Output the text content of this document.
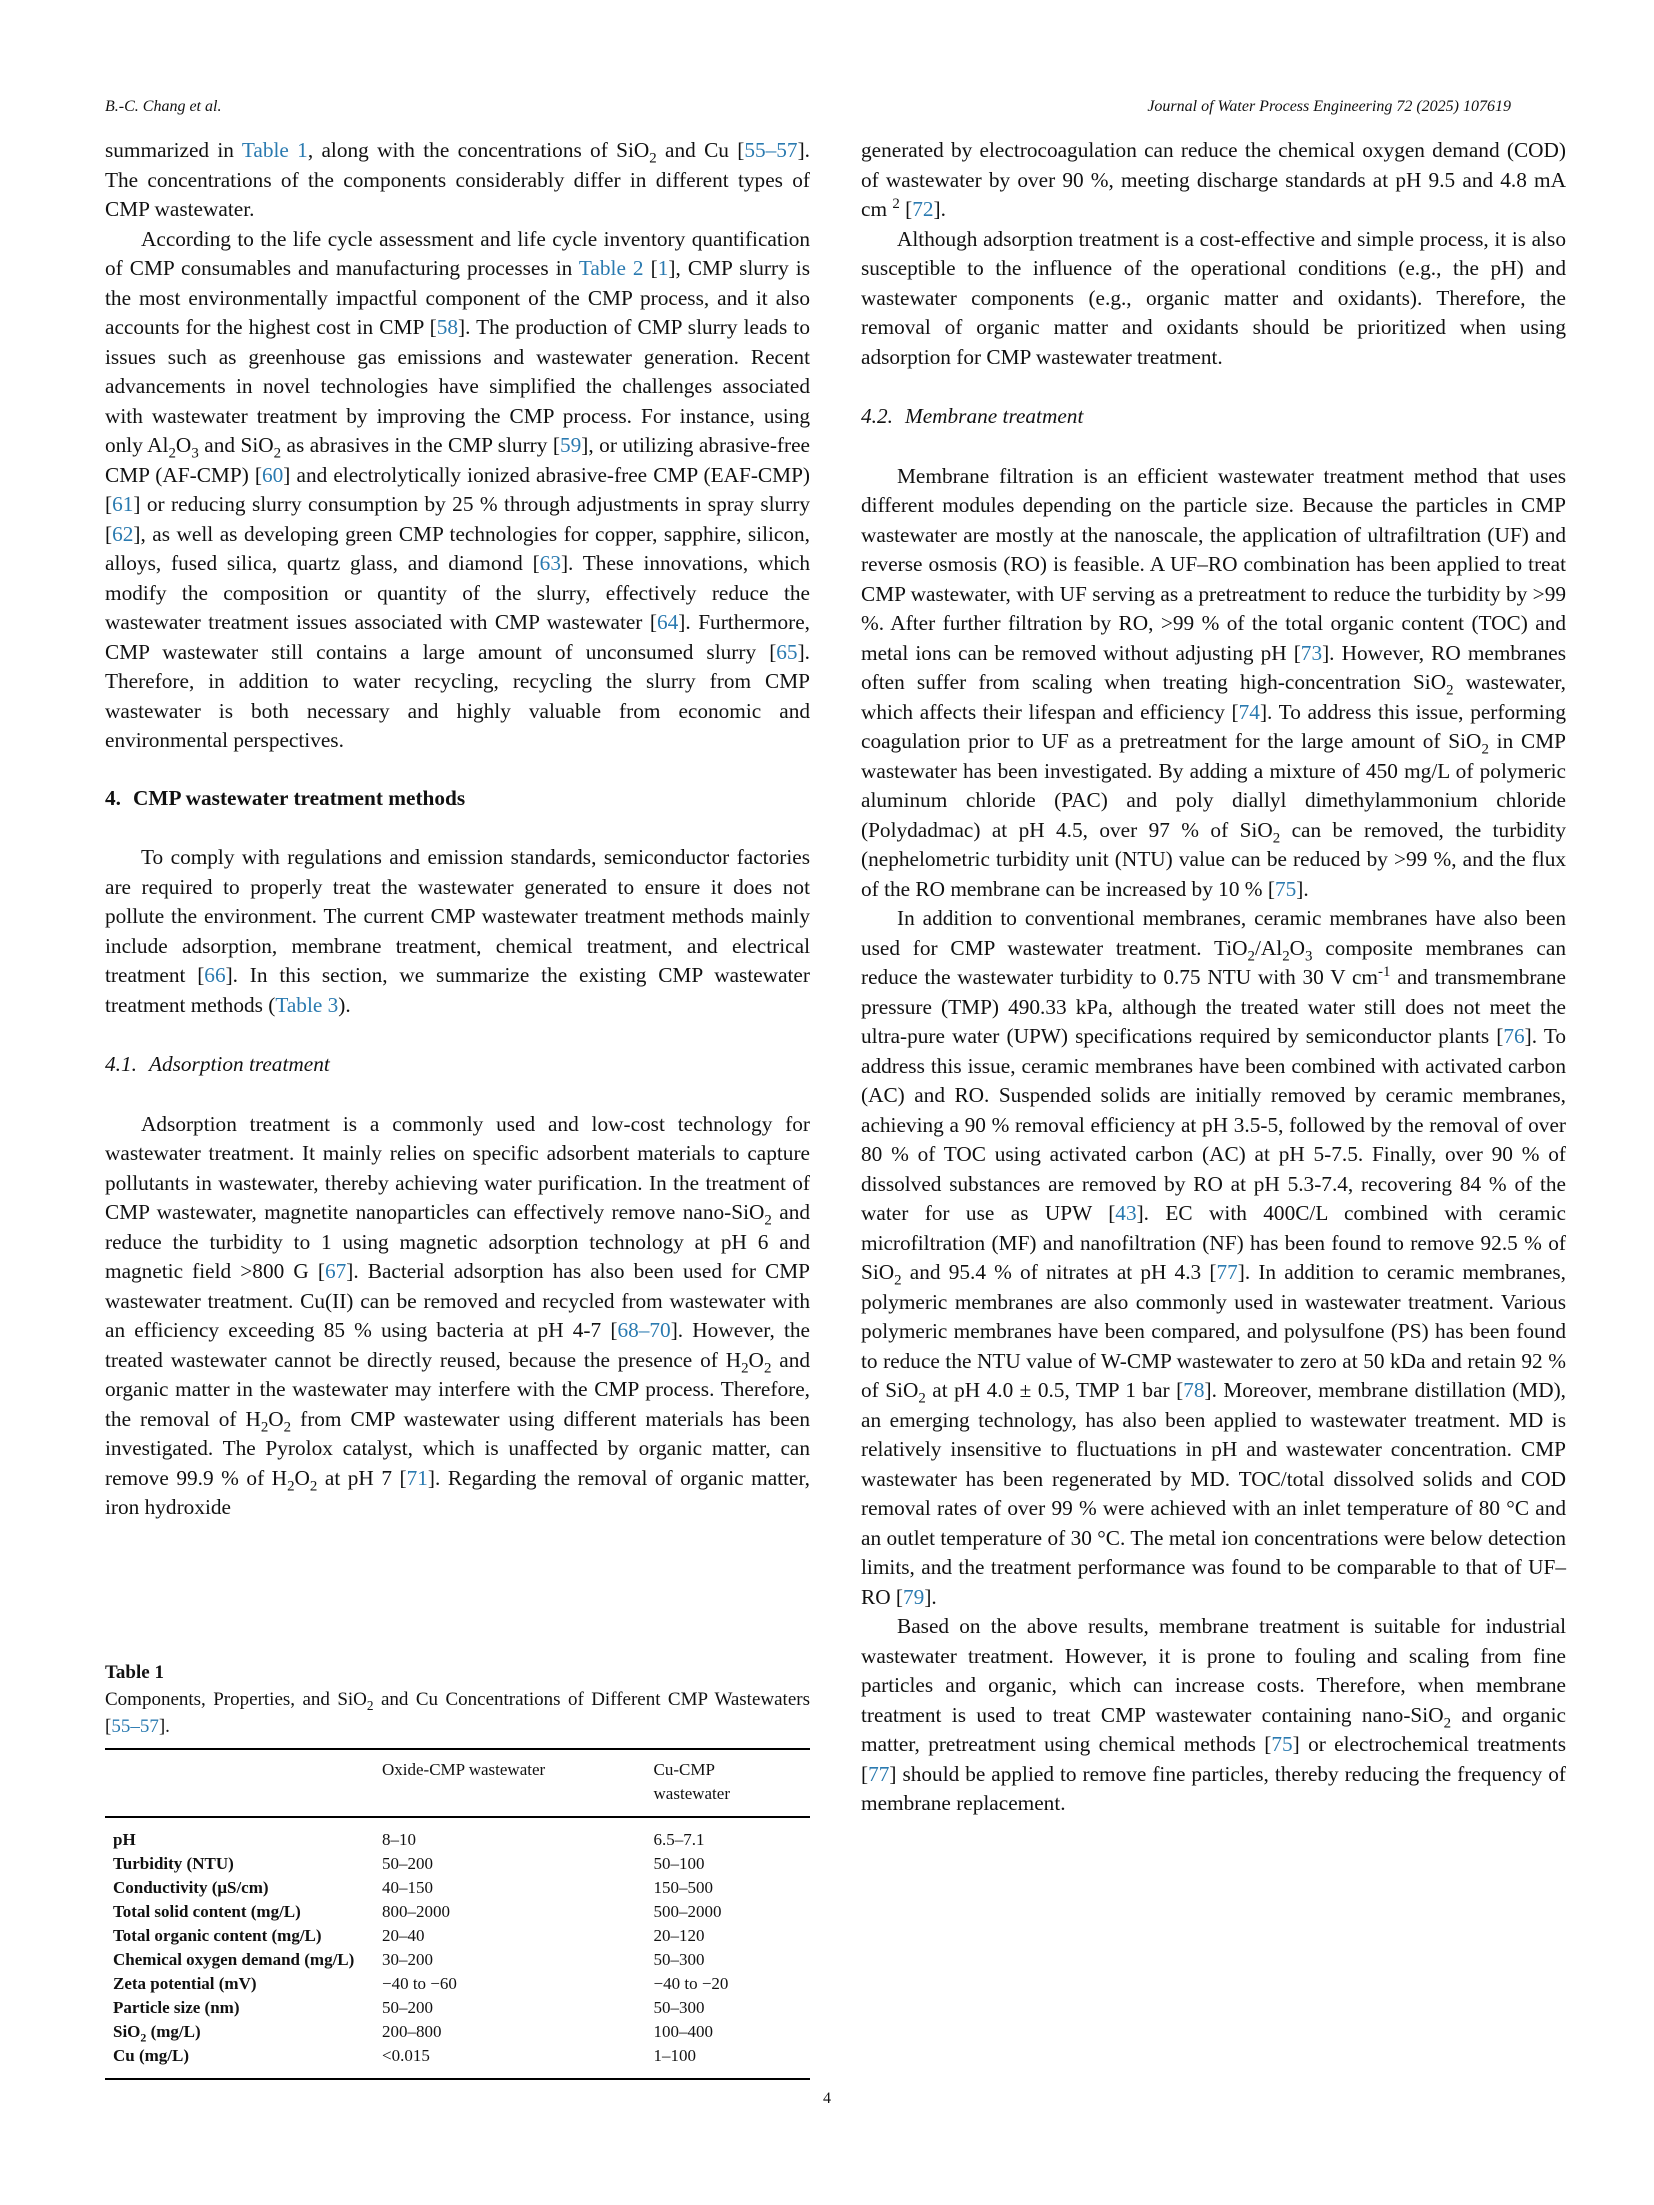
B.-C. Chang et al.	Journal of Water Process Engineering 72 (2025) 107619

summarized in Table 1, along with the concentrations of SiO$_2$ and Cu [55–57]. The concentrations of the components considerably differ in different types of CMP wastewater.

According to the life cycle assessment and life cycle inventory quantification of CMP consumables and manufacturing processes in Table 2 [1], CMP slurry is the most environmentally impactful component of the CMP process, and it also accounts for the highest cost in CMP [58]. The production of CMP slurry leads to issues such as greenhouse gas emissions and wastewater generation. Recent advancements in novel technologies have simplified the challenges associated with wastewater treatment by improving the CMP process. For instance, using only $Al_2O_3$ and SiO$_2$ as abrasives in the CMP slurry [59], or utilizing abrasive-free CMP (AF-CMP) [60] and electrolytically ionized abrasive-free CMP (EAF-CMP) [61] or reducing slurry consumption by 25 % through adjustments in spray slurry [62], as well as developing green CMP technologies for copper, sapphire, silicon, alloys, fused silica, quartz glass, and diamond [63]. These innovations, which modify the composition or quantity of the slurry, effectively reduce the wastewater treatment issues associated with CMP wastewater [64]. Furthermore, CMP wastewater still contains a large amount of unconsumed slurry [65]. Therefore, in addition to water recycling, recycling the slurry from CMP wastewater is both necessary and highly valuable from economic and environmental perspectives.

4. CMP wastewater treatment methods

To comply with regulations and emission standards, semiconductor factories are required to properly treat the wastewater generated to ensure it does not pollute the environment. The current CMP wastewater treatment methods mainly include adsorption, membrane treatment, chemical treatment, and electrical treatment [66]. In this section, we summarize the existing CMP wastewater treatment methods (Table 3).

4.1. Adsorption treatment

Adsorption treatment is a commonly used and low-cost technology for wastewater treatment. It mainly relies on specific adsorbent materials to capture pollutants in wastewater, thereby achieving water purification. In the treatment of CMP wastewater, magnetite nanoparticles can effectively remove nano-SiO$_2$ and reduce the turbidity to 1 using magnetic adsorption technology at pH 6 and magnetic field >800 G [67]. Bacterial adsorption has also been used for CMP wastewater treatment. Cu(II) can be removed and recycled from wastewater with an efficiency exceeding 85 % using bacteria at pH 4-7 [68–70]. However, the treated wastewater cannot be directly reused, because the presence of $H_2O_2$ and organic matter in the wastewater may interfere with the CMP process. Therefore, the removal of $H_2O_2$ from CMP wastewater using different materials has been investigated. The Pyrolox catalyst, which is unaffected by organic matter, can remove 99.9 % of $H_2O_2$ at pH 7 [71]. Regarding the removal of organic matter, iron hydroxide

Table 1
Components, Properties, and SiO$_2$ and Cu Concentrations of Different CMP Wastewaters [55–57].
	Oxide-CMP wastewater	Cu-CMP wastewater
pH	8–10	6.5–7.1
Turbidity (NTU)	50–200	50–100
Conductivity (μS/cm)	40–150	150–500
Total solid content (mg/L)	800–2000	500–2000
Total organic content (mg/L)	20–40	20–120
Chemical oxygen demand (mg/L)	30–200	50–300
Zeta potential (mV)	−40 to −60	−40 to −20
Particle size (nm)	50–200	50–300
SiO$_2$ (mg/L)	200–800	100–400
Cu (mg/L)	<0.015	1–100

generated by electrocoagulation can reduce the chemical oxygen demand (COD) of wastewater by over 90 %, meeting discharge standards at pH 9.5 and 4.8 mA cm $^2$ [72].

Although adsorption treatment is a cost-effective and simple process, it is also susceptible to the influence of the operational conditions (e.g., the pH) and wastewater components (e.g., organic matter and oxidants). Therefore, the removal of organic matter and oxidants should be prioritized when using adsorption for CMP wastewater treatment.

4.2. Membrane treatment

Membrane filtration is an efficient wastewater treatment method that uses different modules depending on the particle size. Because the particles in CMP wastewater are mostly at the nanoscale, the application of ultrafiltration (UF) and reverse osmosis (RO) is feasible. A UF–RO combination has been applied to treat CMP wastewater, with UF serving as a pretreatment to reduce the turbidity by >99 %. After further filtration by RO, >99 % of the total organic content (TOC) and metal ions can be removed without adjusting pH [73]. However, RO membranes often suffer from scaling when treating high-concentration SiO$_2$ wastewater, which affects their lifespan and efficiency [74]. To address this issue, performing coagulation prior to UF as a pretreatment for the large amount of SiO$_2$ in CMP wastewater has been investigated. By adding a mixture of 450 mg/L of polymeric aluminum chloride (PAC) and poly diallyl dimethylammonium chloride (Polydadmac) at pH 4.5, over 97 % of SiO$_2$ can be removed, the turbidity (nephelometric turbidity unit (NTU) value can be reduced by >99 %, and the flux of the RO membrane can be increased by 10 % [75].

In addition to conventional membranes, ceramic membranes have also been used for CMP wastewater treatment. $TiO_2/Al_2O_3$ composite membranes can reduce the wastewater turbidity to 0.75 NTU with 30 V $cm^{-1}$ and transmembrane pressure (TMP) 490.33 kPa, although the treated water still does not meet the ultra-pure water (UPW) specifications required by semiconductor plants [76]. To address this issue, ceramic membranes have been combined with activated carbon (AC) and RO. Suspended solids are initially removed by ceramic membranes, achieving a 90 % removal efficiency at pH 3.5-5, followed by the removal of over 80 % of TOC using activated carbon (AC) at pH 5-7.5. Finally, over 90 % of dissolved substances are removed by RO at pH 5.3-7.4, recovering 84 % of the water for use as UPW [43]. EC with 400C/L combined with ceramic microfiltration (MF) and nanofiltration (NF) has been found to remove 92.5 % of SiO$_2$ and 95.4 % of nitrates at pH 4.3 [77]. In addition to ceramic membranes, polymeric membranes are also commonly used in wastewater treatment. Various polymeric membranes have been compared, and polysulfone (PS) has been found to reduce the NTU value of W-CMP wastewater to zero at 50 kDa and retain 92 % of SiO$_2$ at pH 4.0 ± 0.5, TMP 1 bar [78]. Moreover, membrane distillation (MD), an emerging technology, has also been applied to wastewater treatment. MD is relatively insensitive to fluctuations in pH and wastewater concentration. CMP wastewater has been regenerated by MD. TOC/total dissolved solids and COD removal rates of over 99 % were achieved with an inlet temperature of 80 °C and an outlet temperature of 30 °C. The metal ion concentrations were below detection limits, and the treatment performance was found to be comparable to that of UF–RO [79].

Based on the above results, membrane treatment is suitable for industrial wastewater treatment. However, it is prone to fouling and scaling from fine particles and organic, which can increase costs. Therefore, when membrane treatment is used to treat CMP wastewater containing nano-SiO$_2$ and organic matter, pretreatment using chemical methods [75] or electrochemical treatments [77] should be applied to remove fine particles, thereby reducing the frequency of membrane replacement.

4
